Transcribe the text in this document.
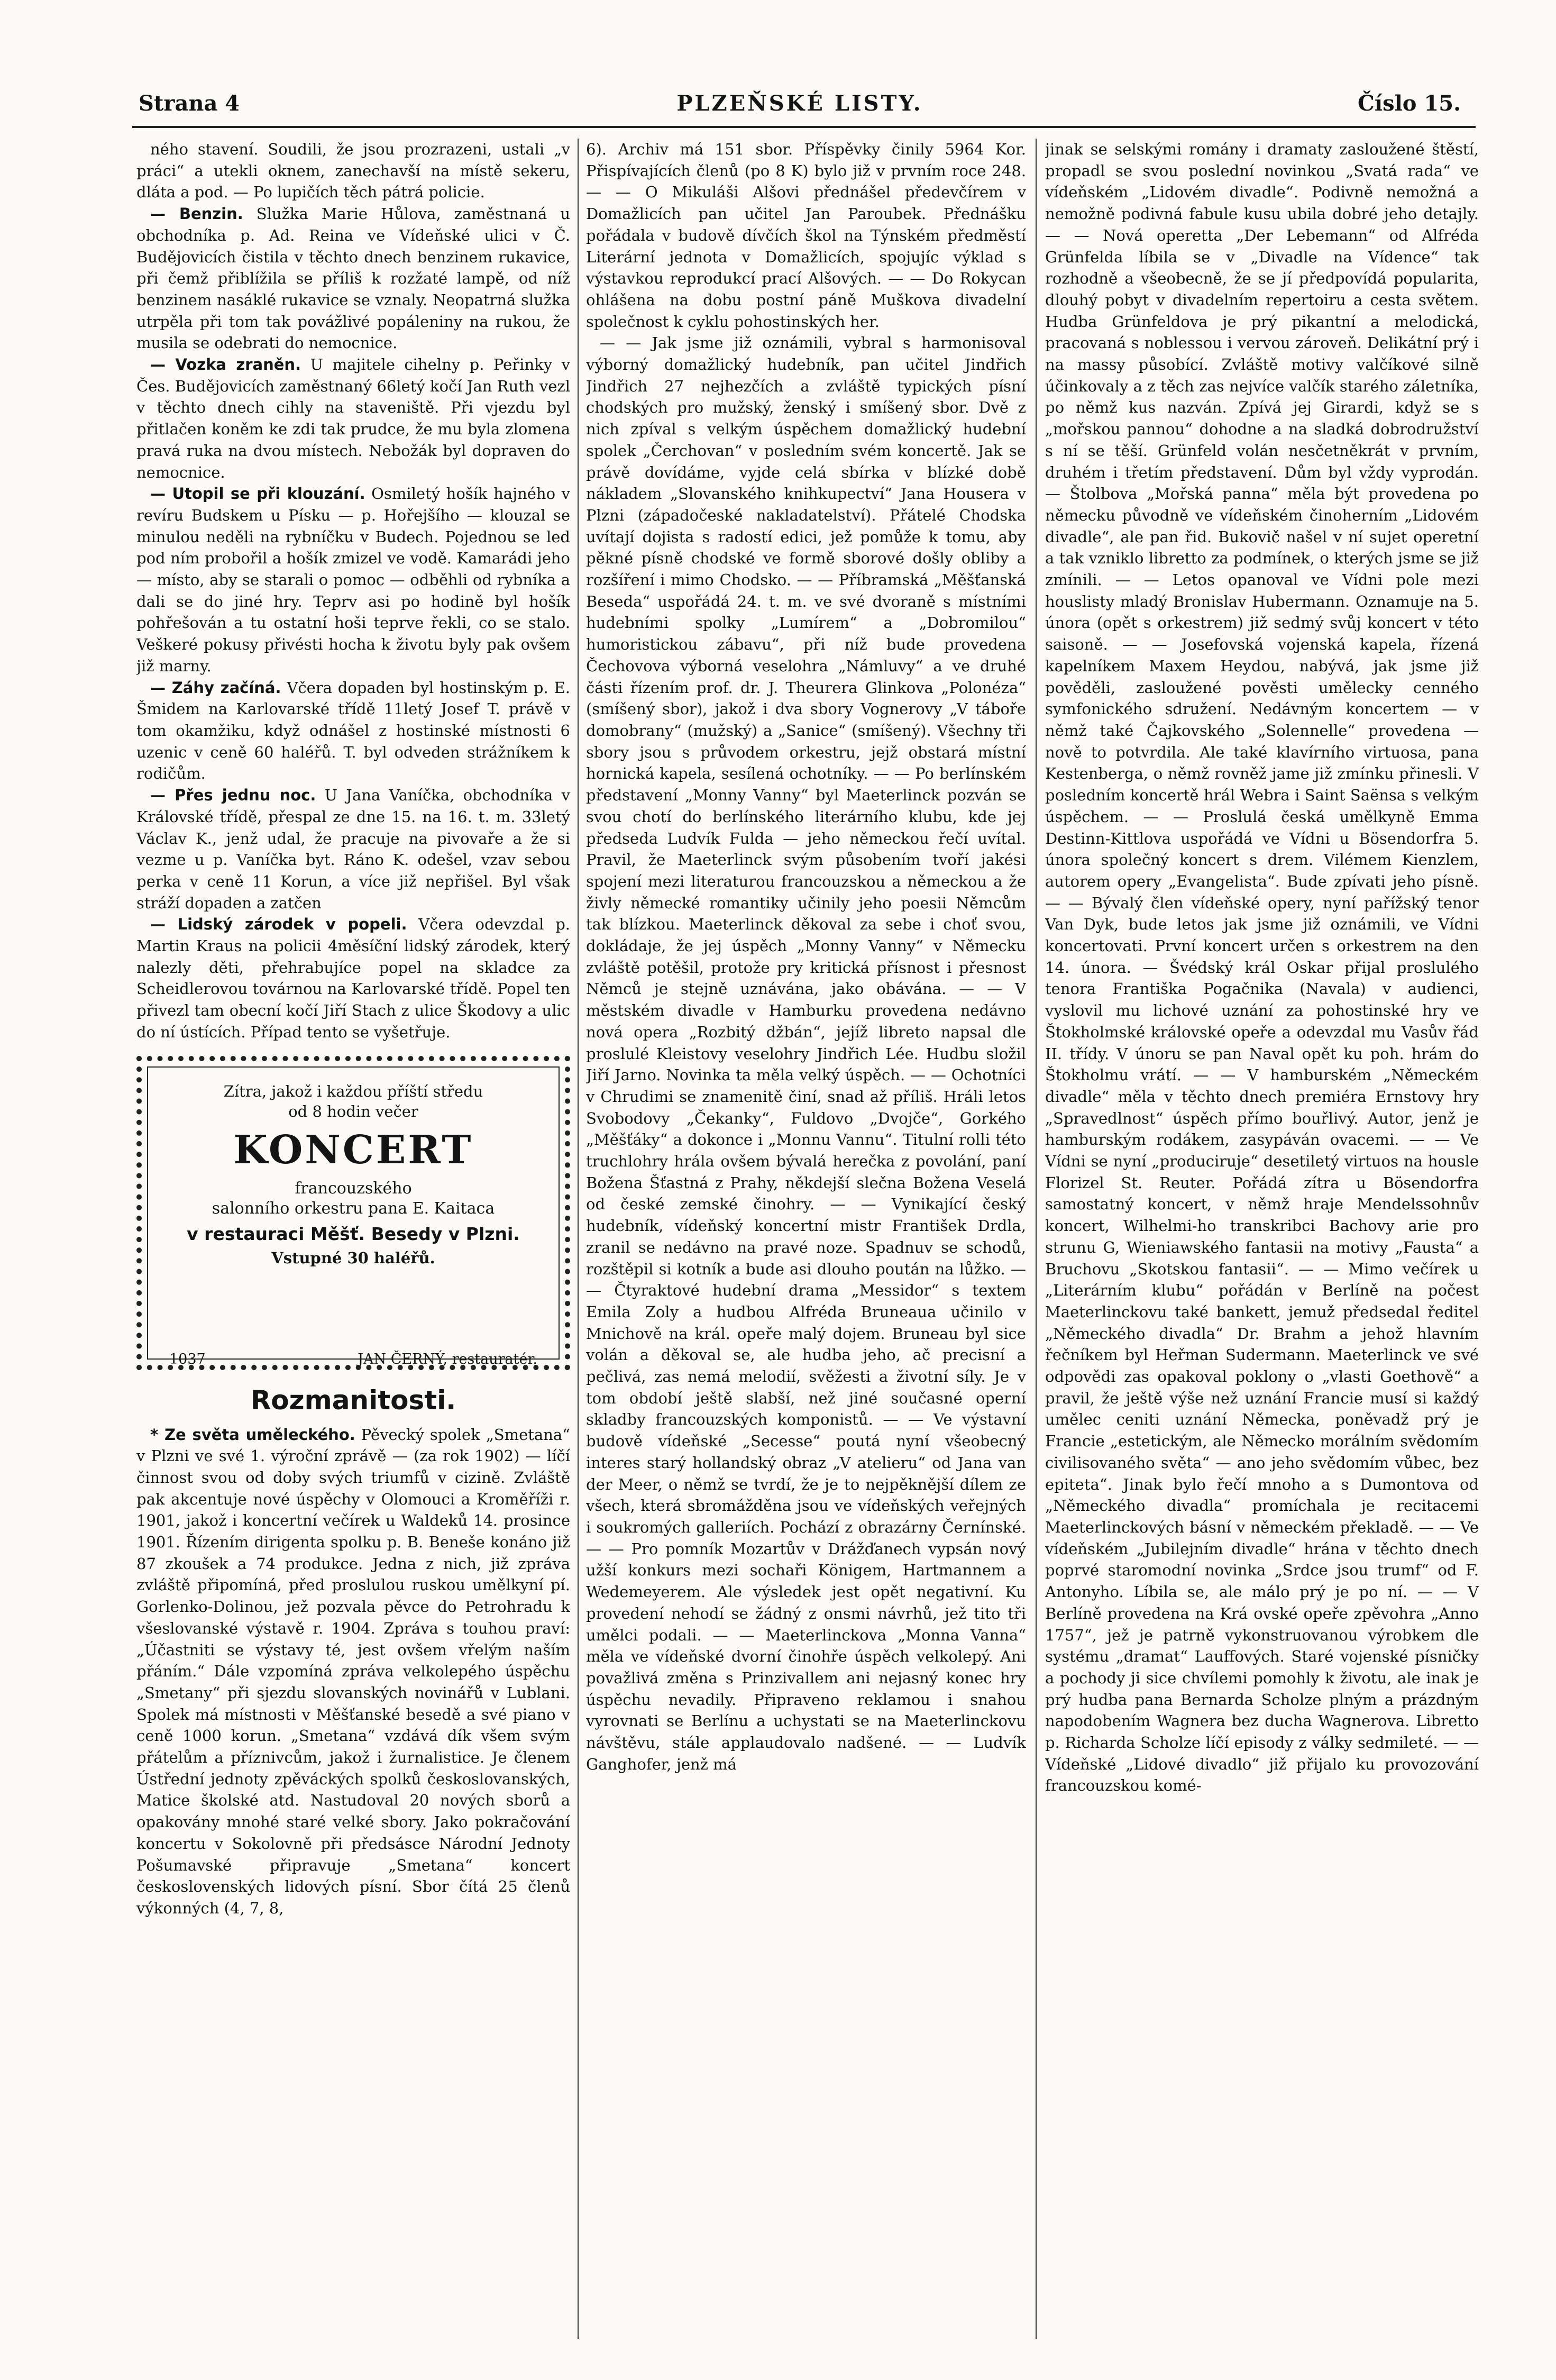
Strana 4	PLZEŇSKÉ LISTY.	Číslo 15.

ného stavení. Soudili, že jsou prozrazeni, ustali „v práci“ a utekli oknem, zanechavší na místě sekeru, dláta a pod. — Po lupičích těch pátrá policie.

— Benzin. Služka Marie Hůlova, zaměstnaná u obchodníka p. Ad. Reina ve Vídeňské ulici v Č. Budějovicích čistila v těchto dnech benzinem rukavice, při čemž přiblížila se příliš k rozžaté lampě, od níž benzinem nasáklé rukavice se vznaly. Neopatrná služka utrpěla při tom tak povážlivé popáleniny na rukou, že musila se odebrati do nemocnice.

— Vozka zraněn. U majitele cihelny p. Peřinky v Čes. Budějovicích zaměstnaný 66letý kočí Jan Ruth vezl v těchto dnech cihly na staveniště. Při vjezdu byl přitlačen koněm ke zdi tak prudce, že mu byla zlomena pravá ruka na dvou místech. Nebožák byl dopraven do nemocnice.

— Utopil se při klouzání. Osmiletý hošík hajného v revíru Budskem u Písku — p. Hořejšího — klouzal se minulou neděli na rybníčku v Budech. Pojednou se led pod ním probořil a hošík zmizel ve vodě. Kamarádi jeho — místo, aby se starali o pomoc — odběhli od rybníka a dali se do jiné hry. Teprv asi po hodině byl hošík pohřešován a tu ostatní hoši teprve řekli, co se stalo. Veškeré pokusy přivésti hocha k životu byly pak ovšem již marny.

— Záhy začíná. Včera dopaden byl hostinským p. E. Šmidem na Karlovarské třídě 11letý Josef T. právě v tom okamžiku, když odnášel z hostinské místnosti 6 uzenic v ceně 60 haléřů. T. byl odveden strážníkem k rodičům.

— Přes jednu noc. U Jana Vaníčka, obchodníka v Královské třídě, přespal ze dne 15. na 16. t. m. 33letý Václav K., jenž udal, že pracuje na pivovaře a že si vezme u p. Vaníčka byt. Ráno K. odešel, vzav sebou perka v ceně 11 Korun, a více již nepřišel. Byl však stráží dopaden a zatčen

— Lidský zárodek v popeli. Včera odevzdal p. Martin Kraus na policii 4měsíční lidský zárodek, který nalezly děti, přehrabujíce popel na skladce za Scheidlerovou továrnou na Karlovarské třídě. Popel ten přivezl tam obecní kočí Jiří Stach z ulice Škodovy a ulic do ní ústících. Případ tento se vyšetřuje.

Zítra, jakož i každou příští středu
od 8 hodin večer
KONCERT
francouzského
salonního orkestru pana E. Kaitaca
v restauraci Měšť. Besedy v Plzni.
Vstupné 30 haléřů.
1037	JAN ČERNÝ, restauratér.
Rozmanitosti.

* Ze světa uměleckého. Pěvecký spolek „Smetana“ v Plzni ve své 1. výroční zprávě — (za rok 1902) — líčí činnost svou od doby svých triumfů v cizině. Zvláště pak akcentuje nové úspěchy v Olomouci a Kroměříži r. 1901, jakož i koncertní večírek u Waldeků 14. prosince 1901. Řízením dirigenta spolku p. B. Beneše konáno již 87 zkoušek a 74 produkce. Jedna z nich, již zpráva zvláště připomíná, před proslulou ruskou umělkyní pí. Gorlenko-Dolinou, jež pozvala pěvce do Petrohradu k všeslovanské výstavě r. 1904. Zpráva s touhou praví: „Účastniti se výstavy té, jest ovšem vřelým naším přáním.“ Dále vzpomíná zpráva velkolepého úspěchu „Smetany“ při sjezdu slovanských novinářů v Lublani. Spolek má místnosti v Měšťanské besedě a své piano v ceně 1000 korun. „Smetana“ vzdává dík všem svým přátelům a příznivcům, jakož i žurnalistice. Je členem Ústřední jednoty zpěváckých spolků českoslovanských, Matice školské atd. Nastudoval 20 nových sborů a opakovány mnohé staré velké sbory. Jako pokračování koncertu v Sokolovně při předsásce Národní Jednoty Pošumavské připravuje „Smetana“ koncert československých lidových písní. Sbor čítá 25 členů výkonných (4, 7, 8,

6). Archiv má 151 sbor. Příspěvky činily 5964 Kor. Přispívajících členů (po 8 K) bylo již v prvním roce 248. — — O Mikuláši Alšovi přednášel předevčírem v Domažlicích pan učitel Jan Paroubek. Přednášku pořádala v budově dívčích škol na Týnském předměstí Literární jednota v Domažlicích, spojujíc výklad s výstavkou reprodukcí prací Alšových. — — Do Rokycan ohlášena na dobu postní páně Muškova divadelní společnost k cyklu pohostinských her.

— — Jak jsme již oznámili, vybral s harmonisoval výborný domažlický hudebník, pan učitel Jindřich Jindřich 27 nejhezčích a zvláště typických písní chodských pro mužský, ženský i smíšený sbor. Dvě z nich zpíval s velkým úspěchem domažlický hudební spolek „Čerchovan“ v posledním svém koncertě. Jak se právě dovídáme, vyjde celá sbírka v blízké době nákladem „Slovanského knihkupectví“ Jana Housera v Plzni (západočeské nakladatelství). Přátelé Chodska uvítají dojista s radostí edici, jež pomůže k tomu, aby pěkné písně chodské ve formě sborové došly obliby a rozšíření i mimo Chodsko. — — Příbramská „Měšťanská Beseda“ uspořádá 24. t. m. ve své dvoraně s místními hudebními spolky „Lumírem“ a „Dobromilou“ humoristickou zábavu“, při níž bude provedena Čechovova výborná veselohra „Námluvy“ a ve druhé části řízením prof. dr. J. Theurera Glinkova „Polonéza“ (smíšený sbor), jakož i dva sbory Vognerovy „V táboře domobrany“ (mužský) a „Sanice“ (smíšený). Všechny tři sbory jsou s průvodem orkestru, jejž obstará místní hornická kapela, sesílená ochotníky. — — Po berlínském představení „Monny Vanny“ byl Maeterlinck pozván se svou chotí do berlínského literárního klubu, kde jej předseda Ludvík Fulda — jeho německou řečí uvítal. Pravil, že Maeterlinck svým působením tvoří jakési spojení mezi literaturou francouzskou a německou a že živly německé romantiky učinily jeho poesii Němcům tak blízkou. Maeterlinck děkoval za sebe i choť svou, dokládaje, že jej úspěch „Monny Vanny“ v Německu zvláště potěšil, protože pry kritická přísnost i přesnost Němců je stejně uznávána, jako obávána. — — V městském divadle v Hamburku provedena nedávno nová opera „Rozbitý džbán“, jejíž libreto napsal dle proslulé Kleistovy veselohry Jindřich Lée. Hudbu složil Jiří Jarno. Novinka ta měla velký úspěch. — — Ochotníci v Chrudimi se znamenitě činí, snad až příliš. Hráli letos Svobodovy „Čekanky“, Fuldovo „Dvojče“, Gorkého „Měšťáky“ a dokonce i „Monnu Vannu“. Titulní rolli této truchlohry hrála ovšem bývalá herečka z povolání, paní Božena Šťastná z Prahy, někdejší slečna Božena Veselá od české zemské činohry. — — Vynikající český hudebník, vídeňský koncertní mistr František Drdla, zranil se nedávno na pravé noze. Spadnuv se schodů, rozštěpil si kotník a bude asi dlouho poután na lůžko. — — Čtyraktové hudební drama „Messidor“ s textem Emila Zoly a hudbou Alfréda Bruneaua učinilo v Mnichově na král. opeře malý dojem. Bruneau byl sice volán a děkoval se, ale hudba jeho, ač precisní a pečlivá, zas nemá melodií, svěžesti a životní síly. Je v tom období ještě slabší, než jiné současné operní skladby francouzských komponistů. — — Ve výstavní budově vídeňské „Secesse“ poutá nyní všeobecný interes starý hollandský obraz „V atelieru“ od Jana van der Meer, o němž se tvrdí, že je to nejpěknější dílem ze všech, která sbromážděna jsou ve vídeňských veřejných i soukromých galleriích. Pochází z obrazárny Černínské. — — Pro pomník Mozartův v Drážďanech vypsán nový užší konkurs mezi sochaři Königem, Hartmannem a Wedemeyerem. Ale výsledek jest opět negativní. Ku provedení nehodí se žádný z onsmi návrhů, jež tito tři umělci podali. — — Maeterlinckova „Monna Vanna“ měla ve vídeňské dvorní činohře úspěch velkolepý. Ani považlivá změna s Prinzivallem ani nejasný konec hry úspěchu nevadily. Připraveno reklamou i snahou vyrovnati se Berlínu a uchystati se na Maeterlinckovu návštěvu, stále applaudovalo nadšené. — — Ludvík Ganghofer, jenž má

jinak se selskými romány i dramaty zasloužené štěstí, propadl se svou poslední novinkou „Svatá rada“ ve vídeňském „Lidovém divadle“. Podivně nemožná a nemožně podivná fabule kusu ubila dobré jeho detajly. — — Nová operetta „Der Lebemann“ od Alfréda Grünfelda líbila se v „Divadle na Vídence“ tak rozhodně a všeobecně, že se jí předpovídá popularita, dlouhý pobyt v divadelním repertoiru a cesta světem. Hudba Grünfeldova je prý pikantní a melodická, pracovaná s noblessou i vervou zároveň. Delikátní prý i na massy působící. Zvláště motivy valčíkové silně účinkovaly a z těch zas nejvíce valčík starého záletníka, po němž kus nazván. Zpívá jej Girardi, když se s „mořskou pannou“ dohodne a na sladká dobrodružství s ní se těší. Grünfeld volán nesčetněkrát v prvním, druhém i třetím představení. Dům byl vždy vyprodán. — Štolbova „Mořská panna“ měla být provedena po německu původně ve vídeňském činoherním „Lidovém divadle“, ale pan řid. Bukovič našel v ní sujet operetní a tak vzniklo libretto za podmínek, o kterých jsme se již zmínili. — — Letos opanoval ve Vídni pole mezi houslisty mladý Bronislav Hubermann. Oznamuje na 5. února (opět s orkestrem) již sedmý svůj koncert v této saisoně. — — Josefovská vojenská kapela, řízená kapelníkem Maxem Heydou, nabývá, jak jsme již pověděli, zasloužené pověsti umělecky cenného symfonického sdružení. Nedávným koncertem — v němž také Čajkovského „Solennelle“ provedena — nově to potvrdila. Ale také klavírního virtuosa, pana Kestenberga, o němž rovněž jame již zmínku přinesli. V posledním koncertě hrál Webra i Saint Saënsa s velkým úspěchem. — — Proslulá česká umělkyně Emma Destinn-Kittlova uspořádá ve Vídni u Bösendorfra 5. února společný koncert s drem. Vilémem Kienzlem, autorem opery „Evangelista“. Bude zpívati jeho písně. — — Bývalý člen vídeňské opery, nyní pařížský tenor Van Dyk, bude letos jak jsme již oznámili, ve Vídni koncertovati. První koncert určen s orkestrem na den 14. února. — Švédský král Oskar přijal proslulého tenora Františka Pogačnika (Navala) v audienci, vyslovil mu lichové uznání za pohostinské hry ve Štokholmské královské opeře a odevzdal mu Vasův řád II. třídy. V únoru se pan Naval opět ku poh. hrám do Štokholmu vrátí. — — V hamburském „Německém divadle“ měla v těchto dnech premiéra Ernstovy hry „Spravedlnost“ úspěch přímo bouřlivý. Autor, jenž je hamburským rodákem, zasypáván ovacemi. — — Ve Vídni se nyní „produciruje“ desetiletý virtuos na housle Florizel St. Reuter. Pořádá zítra u Bösendorfra samostatný koncert, v němž hraje Mendelssohnův koncert, Wilhelmi-ho transkribci Bachovy arie pro strunu G, Wieniawského fantasii na motivy „Fausta“ a Bruchovu „Skotskou fantasii“. — — Mimo večírek u „Literárním klubu“ pořádán v Berlíně na počest Maeterlinckovu také bankett, jemuž předsedal ředitel „Německého divadla“ Dr. Brahm a jehož hlavním řečníkem byl Heřman Sudermann. Maeterlinck ve své odpovědi zas opakoval poklony o „vlasti Goethově“ a pravil, že ještě výše než uznání Francie musí si každý umělec ceniti uznání Německa, poněvadž prý je Francie „estetickým, ale Německo morálním svědomím civilisovaného světa“ — ano jeho svědomím vůbec, bez epiteta“. Jinak bylo řečí mnoho a s Dumontova od „Německého divadla“ promíchala je recitacemi Maeterlinckových básní v německém překladě. — — Ve vídeňském „Jubilejním divadle“ hrána v těchto dnech poprvé staromodní novinka „Srdce jsou trumf“ od F. Antonyho. Líbila se, ale málo prý je po ní. — — V Berlíně provedena na Krá ovské opeře zpěvohra „Anno 1757“, jež je patrně vykonstruovanou výrobkem dle systému „dramat“ Lauffových. Staré vojenské písničky a pochody ji sice chvílemi pomohly k životu, ale inak je prý hudba pana Bernarda Scholze plným a prázdným napodobením Wagnera bez ducha Wagnerova. Libretto p. Richarda Scholze líčí episody z války sedmileté. — — Vídeňské „Lidové divadlo“ již přijalo ku provozování francouzskou komé-
